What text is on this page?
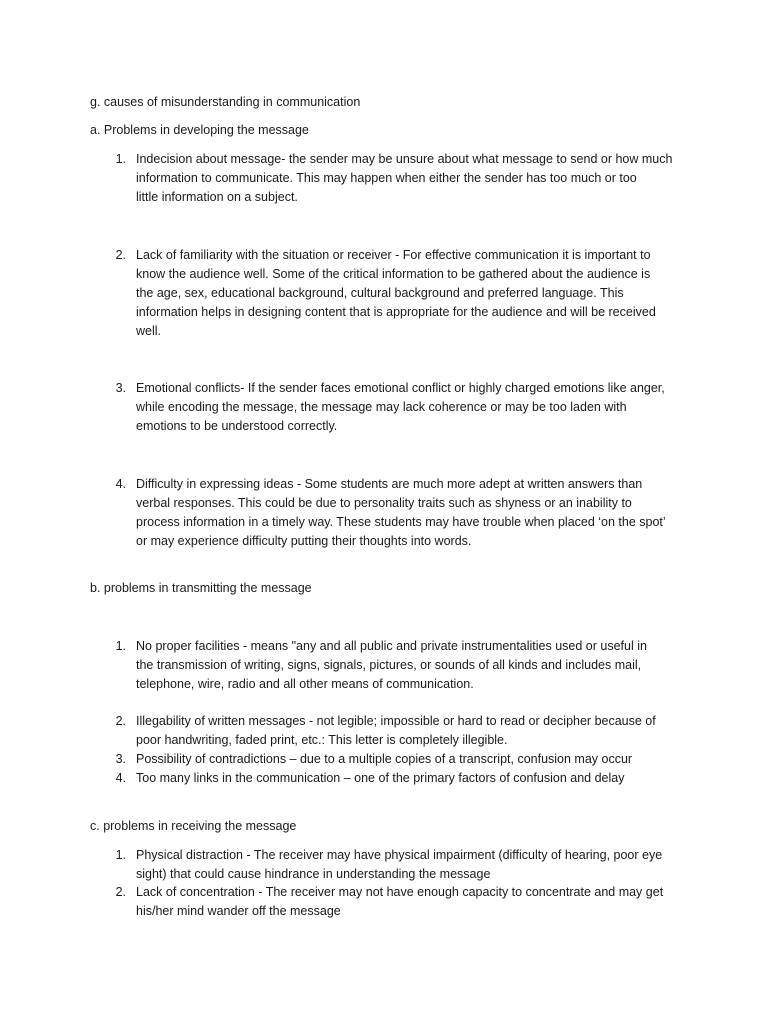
g. causes of misunderstanding in communication
a. Problems in developing the message
1. Indecision about message- the sender may be unsure about what message to send or how much
information to communicate. This may happen when either the sender has too much or too
little information on a subject.
2. Lack of familiarity with the situation or receiver - For effective communication it is important to
know the audience well. Some of the critical information to be gathered about the audience is
the age, sex, educational background, cultural background and preferred language. This
information helps in designing content that is appropriate for the audience and will be received
well.
3. Emotional conflicts- If the sender faces emotional conflict or highly charged emotions like anger,
while encoding the message, the message may lack coherence or may be too laden with
emotions to be understood correctly.
4. Difficulty in expressing ideas - Some students are much more adept at written answers than
verbal responses. This could be due to personality traits such as shyness or an inability to
process information in a timely way. These students may have trouble when placed ‘on the spot’
or may experience difficulty putting their thoughts into words.
b. problems in transmitting the message
1. No proper facilities - means "any and all public and private instrumentalities used or useful in
the transmission of writing, signs, signals, pictures, or sounds of all kinds and includes mail,
telephone, wire, radio and all other means of communication.
2. Illegability of written messages - not legible; impossible or hard to read or decipher because of
poor handwriting, faded print, etc.: This letter is completely illegible.
3. Possibility of contradictions – due to a multiple copies of a transcript, confusion may occur
4. Too many links in the communication – one of the primary factors of confusion and delay
c. problems in receiving the message
1. Physical distraction - The receiver may have physical impairment (difficulty of hearing, poor eye
sight) that could cause hindrance in understanding the message
2. Lack of concentration - The receiver may not have enough capacity to concentrate and may get
his/her mind wander off the message
